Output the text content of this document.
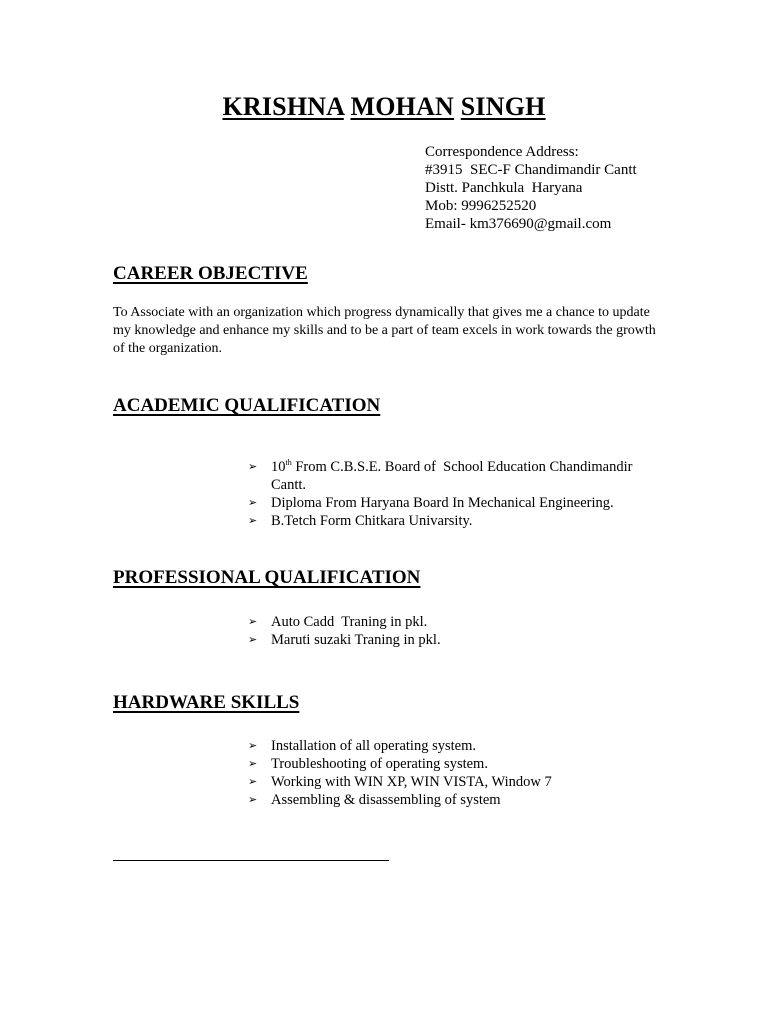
KRISHNA MOHAN SINGH
Correspondence Address:
#3915  SEC-F Chandimandir Cantt
Distt. Panchkula  Haryana
Mob: 9996252520
Email- km376690@gmail.com
CAREER OBJECTIVE
To Associate with an organization which progress dynamically that gives me a chance to update my knowledge and enhance my skills and to be a part of team excels in work towards the growth of the organization.
ACADEMIC QUALIFICATION
➢ 10th From C.B.S.E. Board of  School Education Chandimandir Cantt.
➢ Diploma From Haryana Board In Mechanical Engineering.
➢ B.Tetch Form Chitkara Univarsity.
PROFESSIONAL QUALIFICATION
➢ Auto Cadd  Traning in pkl.
➢ Maruti suzaki Traning in pkl.
HARDWARE SKILLS
➢ Installation of all operating system.
➢ Troubleshooting of operating system.
➢ Working with WIN XP, WIN VISTA, Window 7
➢ Assembling & disassembling of system
